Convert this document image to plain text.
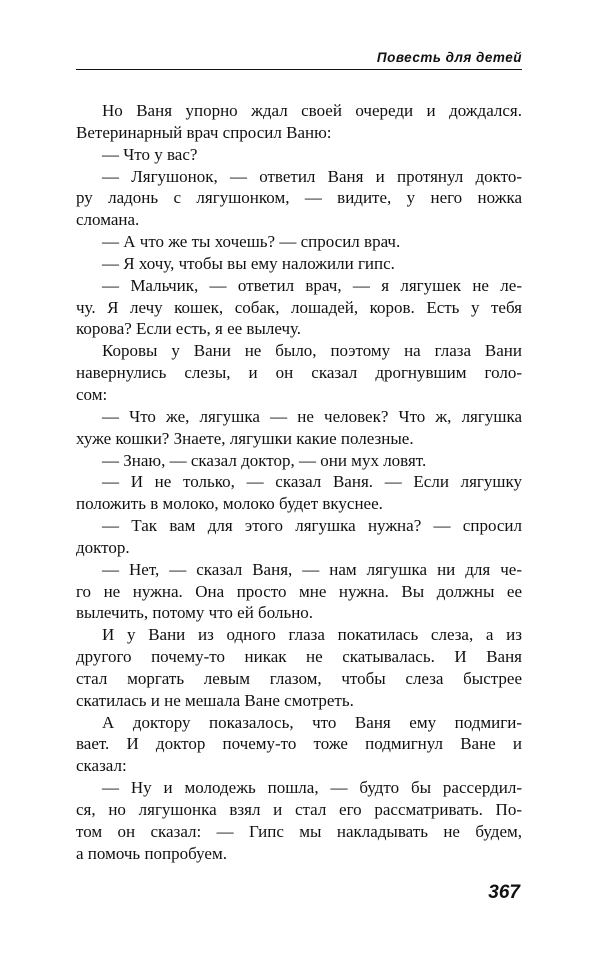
Повесть для детей
Но Ваня упорно ждал своей очереди и дождался.
Ветеринарный врач спросил Ваню:
— Что у вас?
— Лягушонок, — ответил Ваня и протянул докто-
ру ладонь с лягушонком, — видите, у него ножка
сломана.
— А что же ты хочешь? — спросил врач.
— Я хочу, чтобы вы ему наложили гипс.
— Мальчик, — ответил врач, — я лягушек не ле-
чу. Я лечу кошек, собак, лошадей, коров. Есть у тебя
корова? Если есть, я ее вылечу.
Коровы у Вани не было, поэтому на глаза Вани
навернулись слезы, и он сказал дрогнувшим голо-
сом:
— Что же, лягушка — не человек? Что ж, лягушка
хуже кошки? Знаете, лягушки какие полезные.
— Знаю, — сказал доктор, — они мух ловят.
— И не только, — сказал Ваня. — Если лягушку
положить в молоко, молоко будет вкуснее.
— Так вам для этого лягушка нужна? — спросил
доктор.
— Нет, — сказал Ваня, — нам лягушка ни для че-
го не нужна. Она просто мне нужна. Вы должны ее
вылечить, потому что ей больно.
И у Вани из одного глаза покатилась слеза, а из
другого почему-то никак не скатывалась. И Ваня
стал моргать левым глазом, чтобы слеза быстрее
скатилась и не мешала Ване смотреть.
А доктору показалось, что Ваня ему подмиги-
вает. И доктор почему-то тоже подмигнул Ване и
сказал:
— Ну и молодежь пошла, — будто бы рассердил-
ся, но лягушонка взял и стал его рассматривать. По-
том он сказал: — Гипс мы накладывать не будем,
а помочь попробуем.
367
